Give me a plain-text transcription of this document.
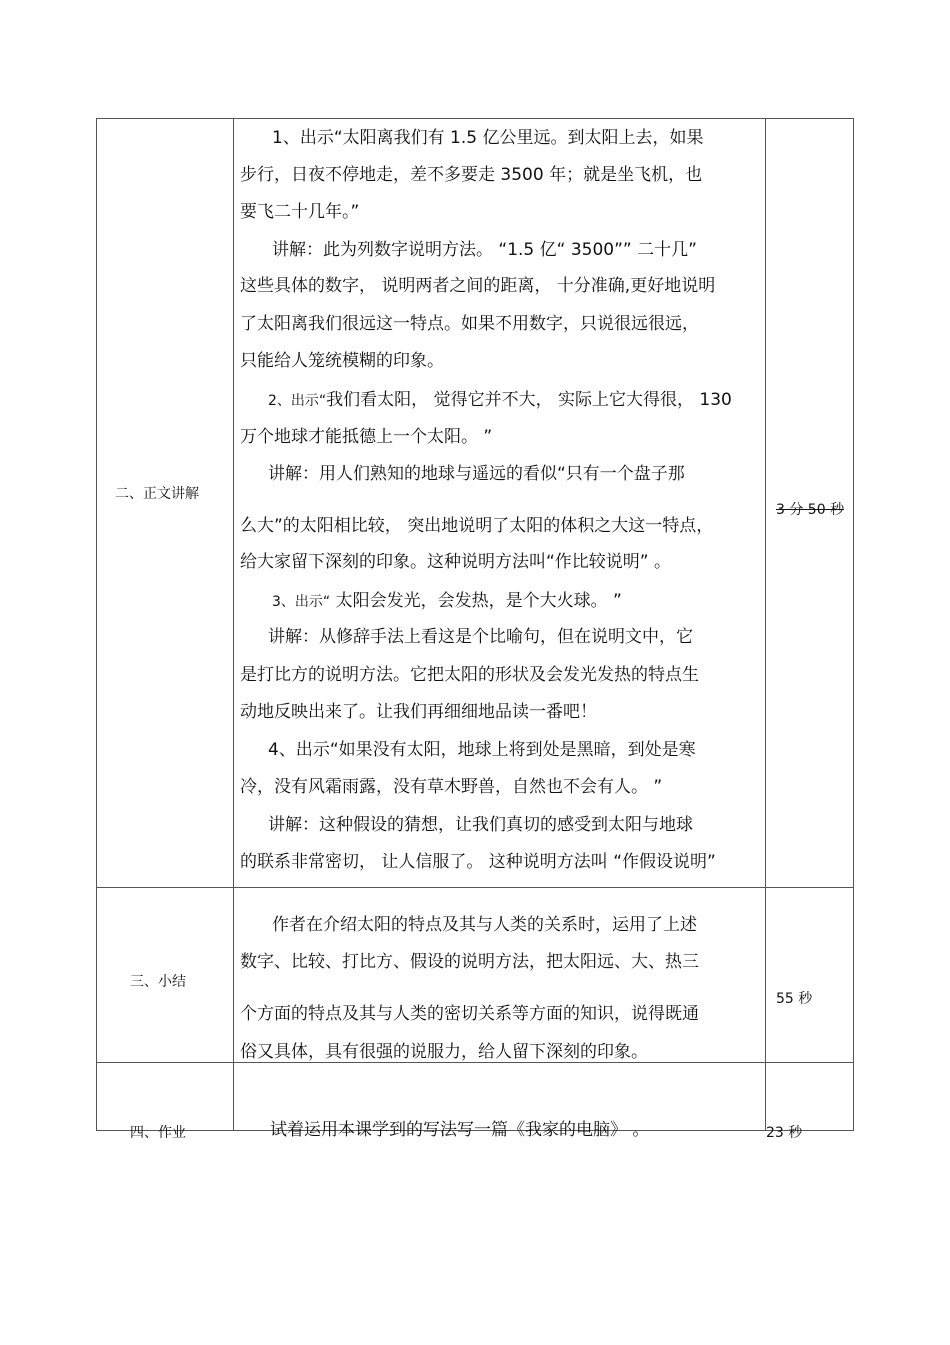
二、正文讲解
3 分 50 秒
1、出示“太阳离我们有 1.5 亿公里远。到太阳上去，如果
步行，日夜不停地走，差不多要走 3500 年；就是坐飞机，也
要飞二十几年。”
讲解：此为列数字说明方法。 “1.5 亿“ 3500”” 二十几”
这些具体的数字， 说明两者之间的距离， 十分准确,更好地说明
了太阳离我们很远这一特点。如果不用数字，只说很远很远，
只能给人笼统模糊的印象。
2、出示“我们看太阳， 觉得它并不大， 实际上它大得很， 130
万个地球才能抵德上一个太阳。 ”
讲解：用人们熟知的地球与遥远的看似“只有一个盘子那
么大”的太阳相比较， 突出地说明了太阳的体积之大这一特点，
给大家留下深刻的印象。这种说明方法叫“作比较说明” 。
3、出示“ 太阳会发光，会发热，是个大火球。 ”
讲解：从修辞手法上看这是个比喻句，但在说明文中，它
是打比方的说明方法。它把太阳的形状及会发光发热的特点生
动地反映出来了。让我们再细细地品读一番吧！
4、出示“如果没有太阳，地球上将到处是黑暗，到处是寒
冷，没有风霜雨露，没有草木野兽，自然也不会有人。 ”
讲解：这种假设的猜想，让我们真切的感受到太阳与地球
的联系非常密切， 让人信服了。 这种说明方法叫 “作假设说明”
三、小结
55 秒
作者在介绍太阳的特点及其与人类的关系时，运用了上述
数字、比较、打比方、假设的说明方法，把太阳远、大、热三
个方面的特点及其与人类的密切关系等方面的知识，说得既通
俗又具体，具有很强的说服力，给人留下深刻的印象。
四、作业	23 秒
试着运用本课学到的写法写一篇《我家的电脑》 。
